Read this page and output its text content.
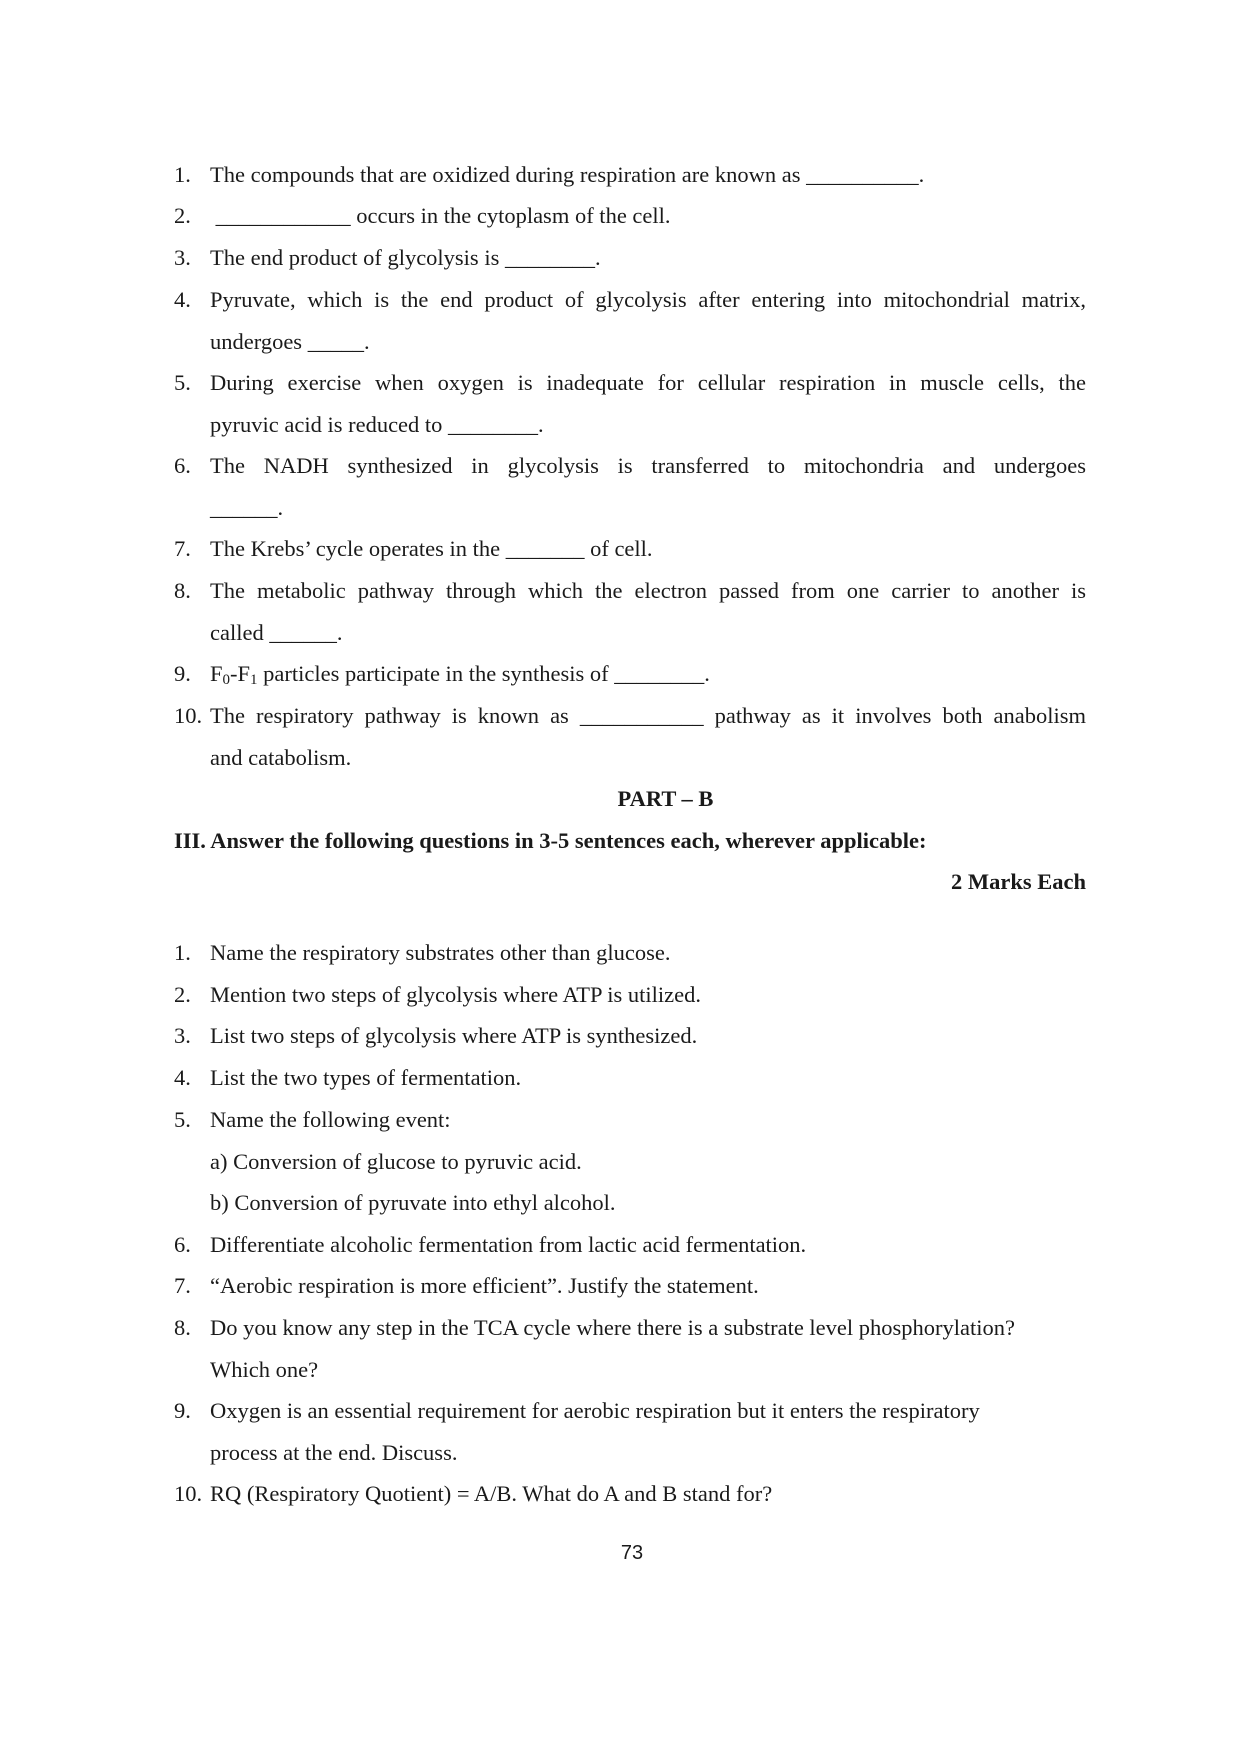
1. The compounds that are oxidized during respiration are known as __________.
2. ____________ occurs in the cytoplasm of the cell.
3. The end product of glycolysis is ________.
4. Pyruvate, which is the end product of glycolysis after entering into mitochondrial matrix,
undergoes _____.
5. During exercise when oxygen is inadequate for cellular respiration in muscle cells, the
pyruvic acid is reduced to ________.
6. The NADH synthesized in glycolysis is transferred to mitochondria and undergoes
______.
7. The Krebs’ cycle operates in the _______ of cell.
8. The metabolic pathway through which the electron passed from one carrier to another is
called ______.
9. $F_0-F_1$ particles participate in the synthesis of ________.
10. The respiratory pathway is known as ___________ pathway as it involves both anabolism
and catabolism.
PART – B
III. Answer the following questions in 3-5 sentences each, wherever applicable:
2 Marks Each
1. Name the respiratory substrates other than glucose.
2. Mention two steps of glycolysis where ATP is utilized.
3. List two steps of glycolysis where ATP is synthesized.
4. List the two types of fermentation.
5. Name the following event:
a) Conversion of glucose to pyruvic acid.
b) Conversion of pyruvate into ethyl alcohol.
6. Differentiate alcoholic fermentation from lactic acid fermentation.
7. “Aerobic respiration is more efficient”. Justify the statement.
8. Do you know any step in the TCA cycle where there is a substrate level phosphorylation?
Which one?
9. Oxygen is an essential requirement for aerobic respiration but it enters the respiratory
process at the end. Discuss.
10. RQ (Respiratory Quotient) = A/B. What do A and B stand for?
73
